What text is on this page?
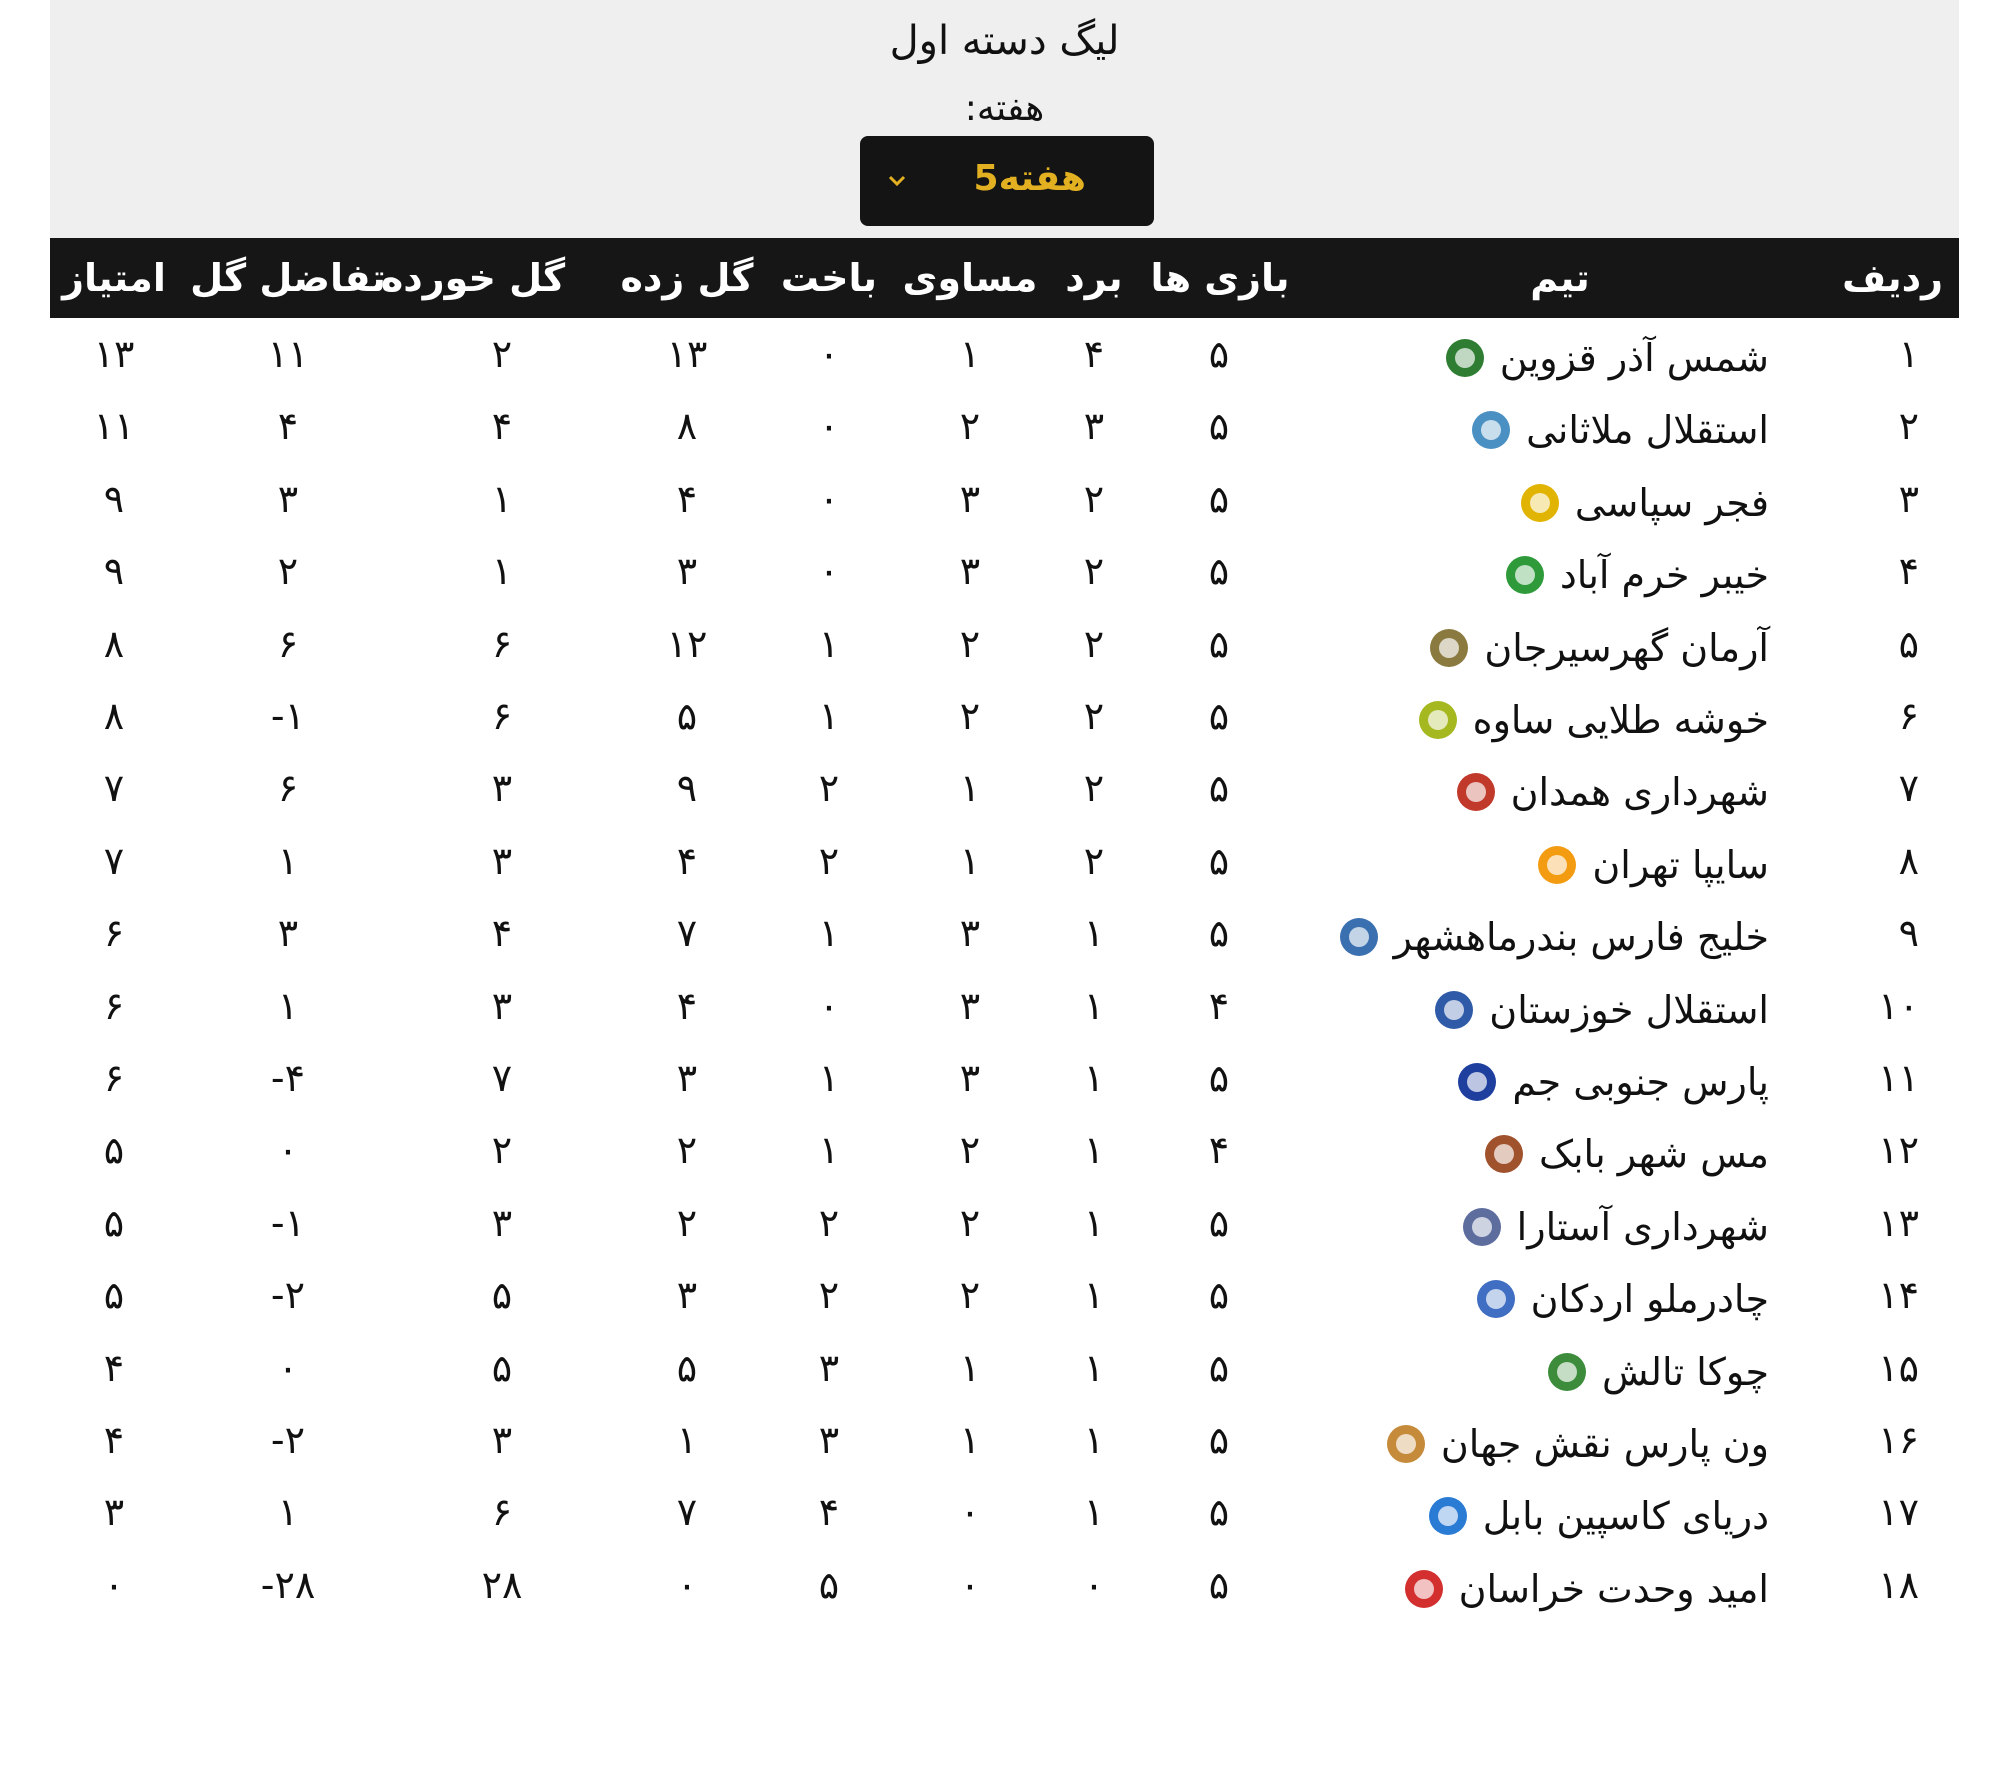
لیگ دسته اول
هفته:
هفته5
ردیف
تیم
بازی ها
برد
مساوی
باخت
گل زده
گل خورده
تفاضل گل
امتیاز
۱
شمس آذر قزوین
۵
۴
۱
۰
۱۳
۲
۱۱
۱۳
۲
استقلال ملاثانی
۵
۳
۲
۰
۸
۴
۴
۱۱
۳
فجر سپاسی
۵
۲
۳
۰
۴
۱
۳
۹
۴
خیبر خرم آباد
۵
۲
۳
۰
۳
۱
۲
۹
۵
آرمان گهرسیرجان
۵
۲
۲
۱
۱۲
۶
۶
۸
۶
خوشه طلایی ساوه
۵
۲
۲
۱
۵
۶
۱-
۸
۷
شهرداری همدان
۵
۲
۱
۲
۹
۳
۶
۷
۸
سایپا تهران
۵
۲
۱
۲
۴
۳
۱
۷
۹
خلیج فارس بندرماهشهر
۵
۱
۳
۱
۷
۴
۳
۶
۱۰
استقلال خوزستان
۴
۱
۳
۰
۴
۳
۱
۶
۱۱
پارس جنوبی جم
۵
۱
۳
۱
۳
۷
۴-
۶
۱۲
مس شهر بابک
۴
۱
۲
۱
۲
۲
۰
۵
۱۳
شهرداری آستارا
۵
۱
۲
۲
۲
۳
۱-
۵
۱۴
چادرملو اردکان
۵
۱
۲
۲
۳
۵
۲-
۵
۱۵
چوکا تالش
۵
۱
۱
۳
۵
۵
۰
۴
۱۶
ون پارس نقش جهان
۵
۱
۱
۳
۱
۳
۲-
۴
۱۷
دریای کاسپین بابل
۵
۱
۰
۴
۷
۶
۱
۳
۱۸
امید وحدت خراسان
۵
۰
۰
۵
۰
۲۸
۲۸-
۰
